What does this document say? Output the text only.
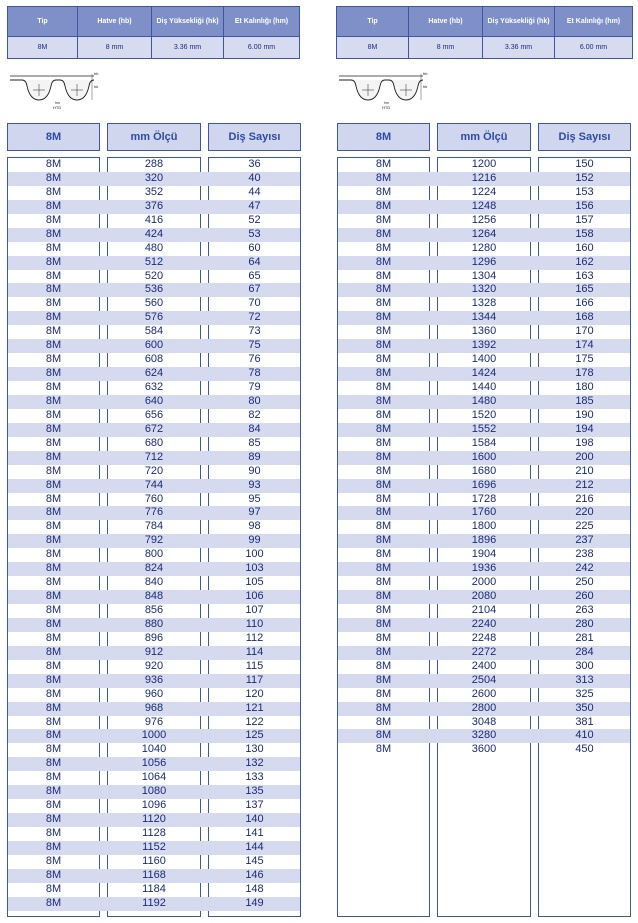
Tip	Hatve (hb)	Diş Yüksekliği (hk)	Et Kalınlığı (hm)
8M	8 mm	3.36 mm	6.00 mm
Tip	Hatve (hb)	Diş Yüksekliği (hk)	Et Kalınlığı (hm)
8M	8 mm	3.36 mm	6.00 mm
hk
hb
hm
HTD
hk
hb
hm
HTD
8M	mm Ölçü	Diş Sayısı	8M	mm Ölçü	Diş Sayısı
8M	288	36
8M	320	40
8M	352	44
8M	376	47
8M	416	52
8M	424	53
8M	480	60
8M	512	64
8M	520	65
8M	536	67
8M	560	70
8M	576	72
8M	584	73
8M	600	75
8M	608	76
8M	624	78
8M	632	79
8M	640	80
8M	656	82
8M	672	84
8M	680	85
8M	712	89
8M	720	90
8M	744	93
8M	760	95
8M	776	97
8M	784	98
8M	792	99
8M	800	100
8M	824	103
8M	840	105
8M	848	106
8M	856	107
8M	880	110
8M	896	112
8M	912	114
8M	920	115
8M	936	117
8M	960	120
8M	968	121
8M	976	122
8M	1000	125
8M	1040	130
8M	1056	132
8M	1064	133
8M	1080	135
8M	1096	137
8M	1120	140
8M	1128	141
8M	1152	144
8M	1160	145
8M	1168	146
8M	1184	148
8M	1192	149
8M	1200	150
8M	1216	152
8M	1224	153
8M	1248	156
8M	1256	157
8M	1264	158
8M	1280	160
8M	1296	162
8M	1304	163
8M	1320	165
8M	1328	166
8M	1344	168
8M	1360	170
8M	1392	174
8M	1400	175
8M	1424	178
8M	1440	180
8M	1480	185
8M	1520	190
8M	1552	194
8M	1584	198
8M	1600	200
8M	1680	210
8M	1696	212
8M	1728	216
8M	1760	220
8M	1800	225
8M	1896	237
8M	1904	238
8M	1936	242
8M	2000	250
8M	2080	260
8M	2104	263
8M	2240	280
8M	2248	281
8M	2272	284
8M	2400	300
8M	2504	313
8M	2600	325
8M	2800	350
8M	3048	381
8M	3280	410
8M	3600	450
